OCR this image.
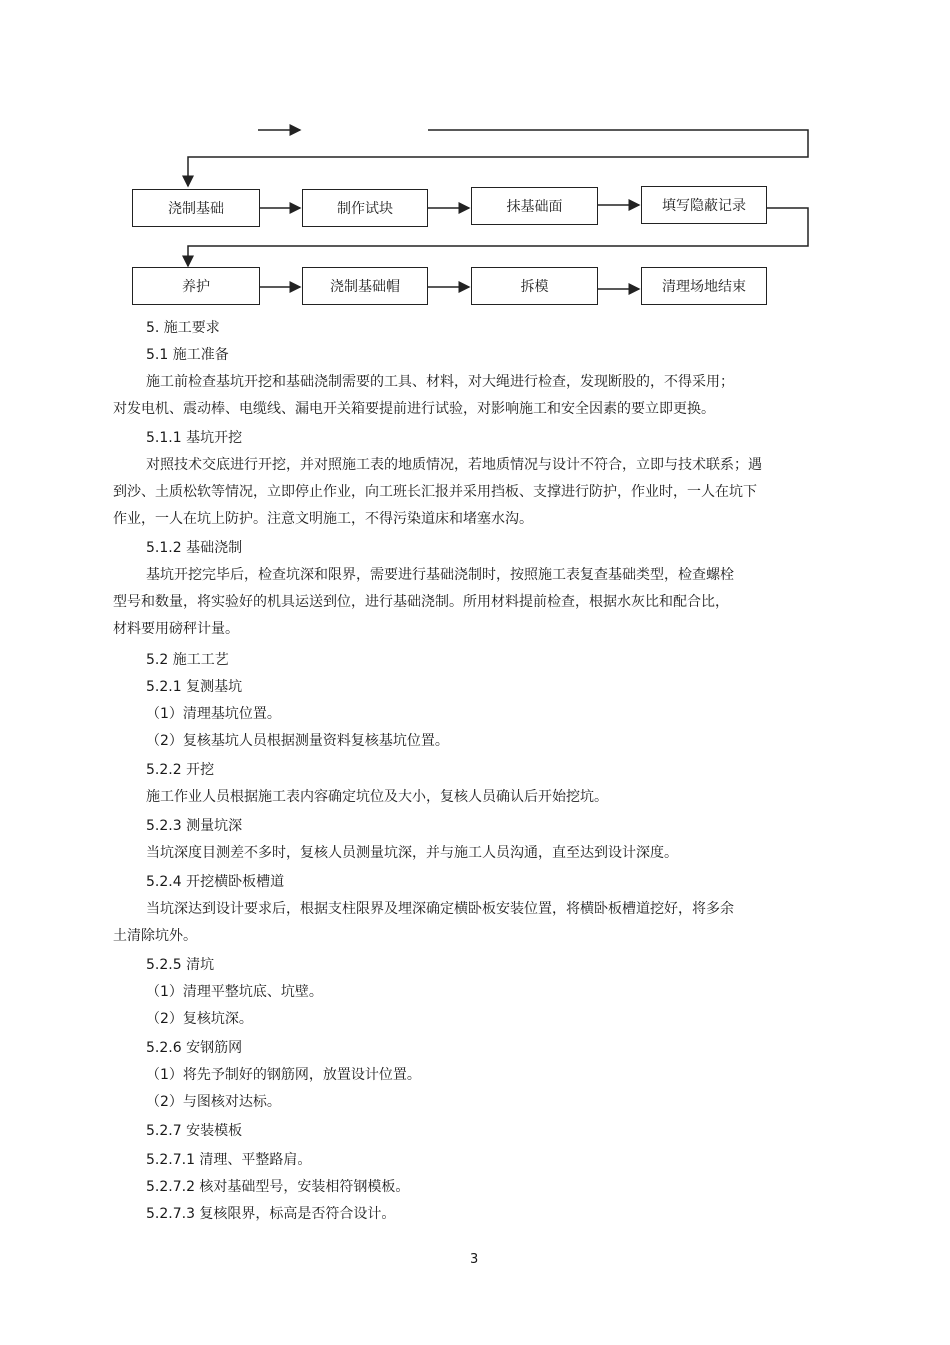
浇制基础	制作试块	抹基础面	填写隐蔽记录
养护	浇制基础帽	拆模	清理场地结束
5. 施工要求
5.1 施工准备
施工前检查基坑开挖和基础浇制需要的工具、材料，对大绳进行检查，发现断股的，不得采用；
对发电机、震动棒、电缆线、漏电开关箱要提前进行试验，对影响施工和安全因素的要立即更换。
5.1.1 基坑开挖
对照技术交底进行开挖，并对照施工表的地质情况，若地质情况与设计不符合，立即与技术联系；遇
到沙、土质松软等情况，立即停止作业，向工班长汇报并采用挡板、支撑进行防护，作业时，一人在坑下
作业，一人在坑上防护。注意文明施工，不得污染道床和堵塞水沟。
5.1.2 基础浇制
基坑开挖完毕后，检查坑深和限界，需要进行基础浇制时，按照施工表复查基础类型，检查螺栓
型号和数量，将实验好的机具运送到位，进行基础浇制。所用材料提前检查，根据水灰比和配合比，
材料要用磅秤计量。
5.2 施工工艺
5.2.1 复测基坑
（1）清理基坑位置。
（2）复核基坑人员根据测量资料复核基坑位置。
5.2.2 开挖
施工作业人员根据施工表内容确定坑位及大小，复核人员确认后开始挖坑。
5.2.3 测量坑深
当坑深度目测差不多时，复核人员测量坑深，并与施工人员沟通，直至达到设计深度。
5.2.4 开挖横卧板槽道
当坑深达到设计要求后，根据支柱限界及埋深确定横卧板安装位置，将横卧板槽道挖好，将多余
土清除坑外。
5.2.5 清坑
（1）清理平整坑底、坑壁。
（2）复核坑深。
5.2.6 安钢筋网
（1）将先予制好的钢筋网，放置设计位置。
（2）与图核对达标。
5.2.7 安装模板
5.2.7.1 清理、平整路肩。
5.2.7.2 核对基础型号，安装相符钢模板。
5.2.7.3 复核限界，标高是否符合设计。
3
